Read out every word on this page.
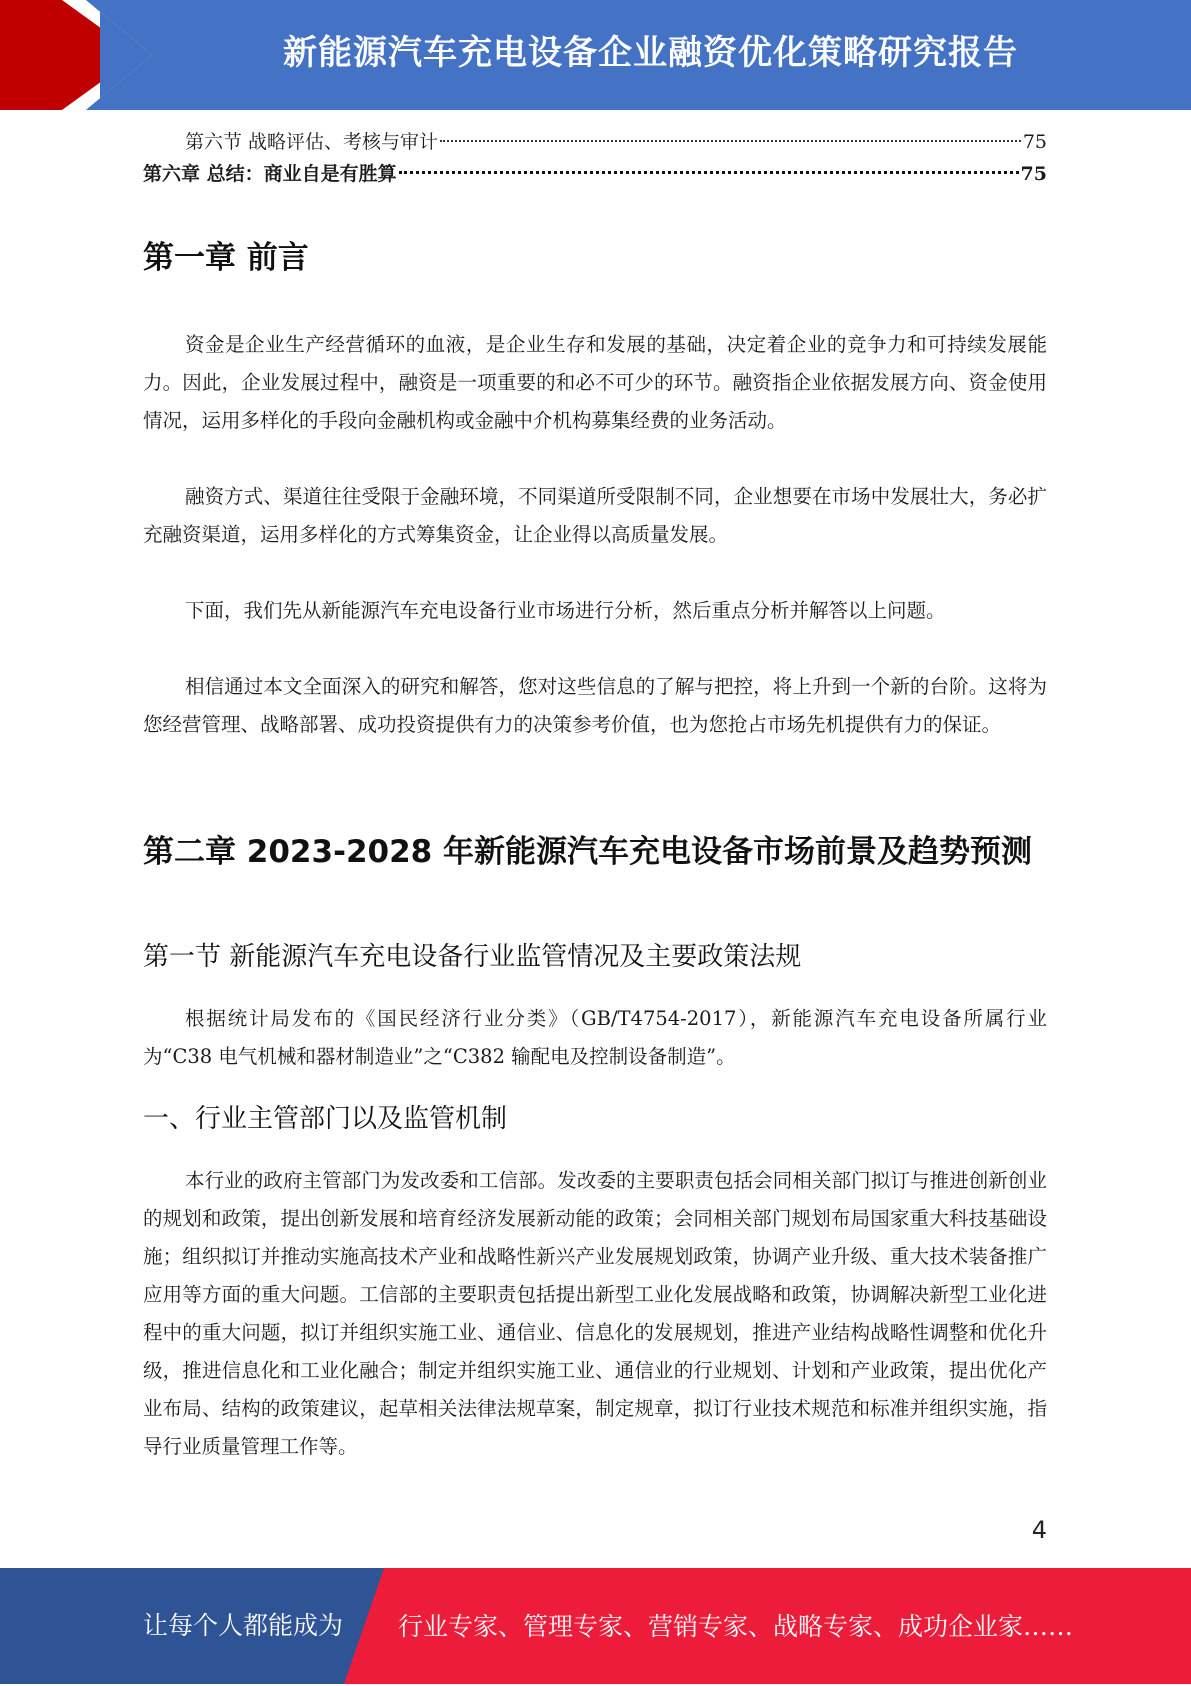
新能源汽车充电设备企业融资优化策略研究报告
第六节 战略评估、考核与审计	75
第六章 总结：商业自是有胜算	75
第一章 前言

资金是企业生产经营循环的血液，是企业生存和发展的基础，决定着企业的竞争力和可持续发展能力。因此，企业发展过程中，融资是一项重要的和必不可少的环节。融资指企业依据发展方向、资金使用情况，运用多样化的手段向金融机构或金融中介机构募集经费的业务活动。

融资方式、渠道往往受限于金融环境，不同渠道所受限制不同，企业想要在市场中发展壮大，务必扩充融资渠道，运用多样化的方式筹集资金，让企业得以高质量发展。

下面，我们先从新能源汽车充电设备行业市场进行分析，然后重点分析并解答以上问题。

相信通过本文全面深入的研究和解答，您对这些信息的了解与把控，将上升到一个新的台阶。这将为您经营管理、战略部署、成功投资提供有力的决策参考价值，也为您抢占市场先机提供有力的保证。

第二章 2023-2028 年新能源汽车充电设备市场前景及趋势预测
第一节 新能源汽车充电设备行业监管情况及主要政策法规

根据统计局发布的《国民经济行业分类》（GB/T4754-2017），新能源汽车充电设备所属行业为“C38 电气机械和器材制造业”之“C382 输配电及控制设备制造”。

一、行业主管部门以及监管机制

本行业的政府主管部门为发改委和工信部。发改委的主要职责包括会同相关部门拟订与推进创新创业的规划和政策，提出创新发展和培育经济发展新动能的政策；会同相关部门规划布局国家重大科技基础设施；组织拟订并推动实施高技术产业和战略性新兴产业发展规划政策，协调产业升级、重大技术装备推广应用等方面的重大问题。工信部的主要职责包括提出新型工业化发展战略和政策，协调解决新型工业化进程中的重大问题，拟订并组织实施工业、通信业、信息化的发展规划，推进产业结构战略性调整和优化升级，推进信息化和工业化融合；制定并组织实施工业、通信业的行业规划、计划和产业政策，提出优化产业布局、结构的政策建议，起草相关法律法规草案，制定规章，拟订行业技术规范和标准并组织实施，指导行业质量管理工作等。

4
让每个人都能成为 行业专家、管理专家、营销专家、战略专家、成功企业家……
